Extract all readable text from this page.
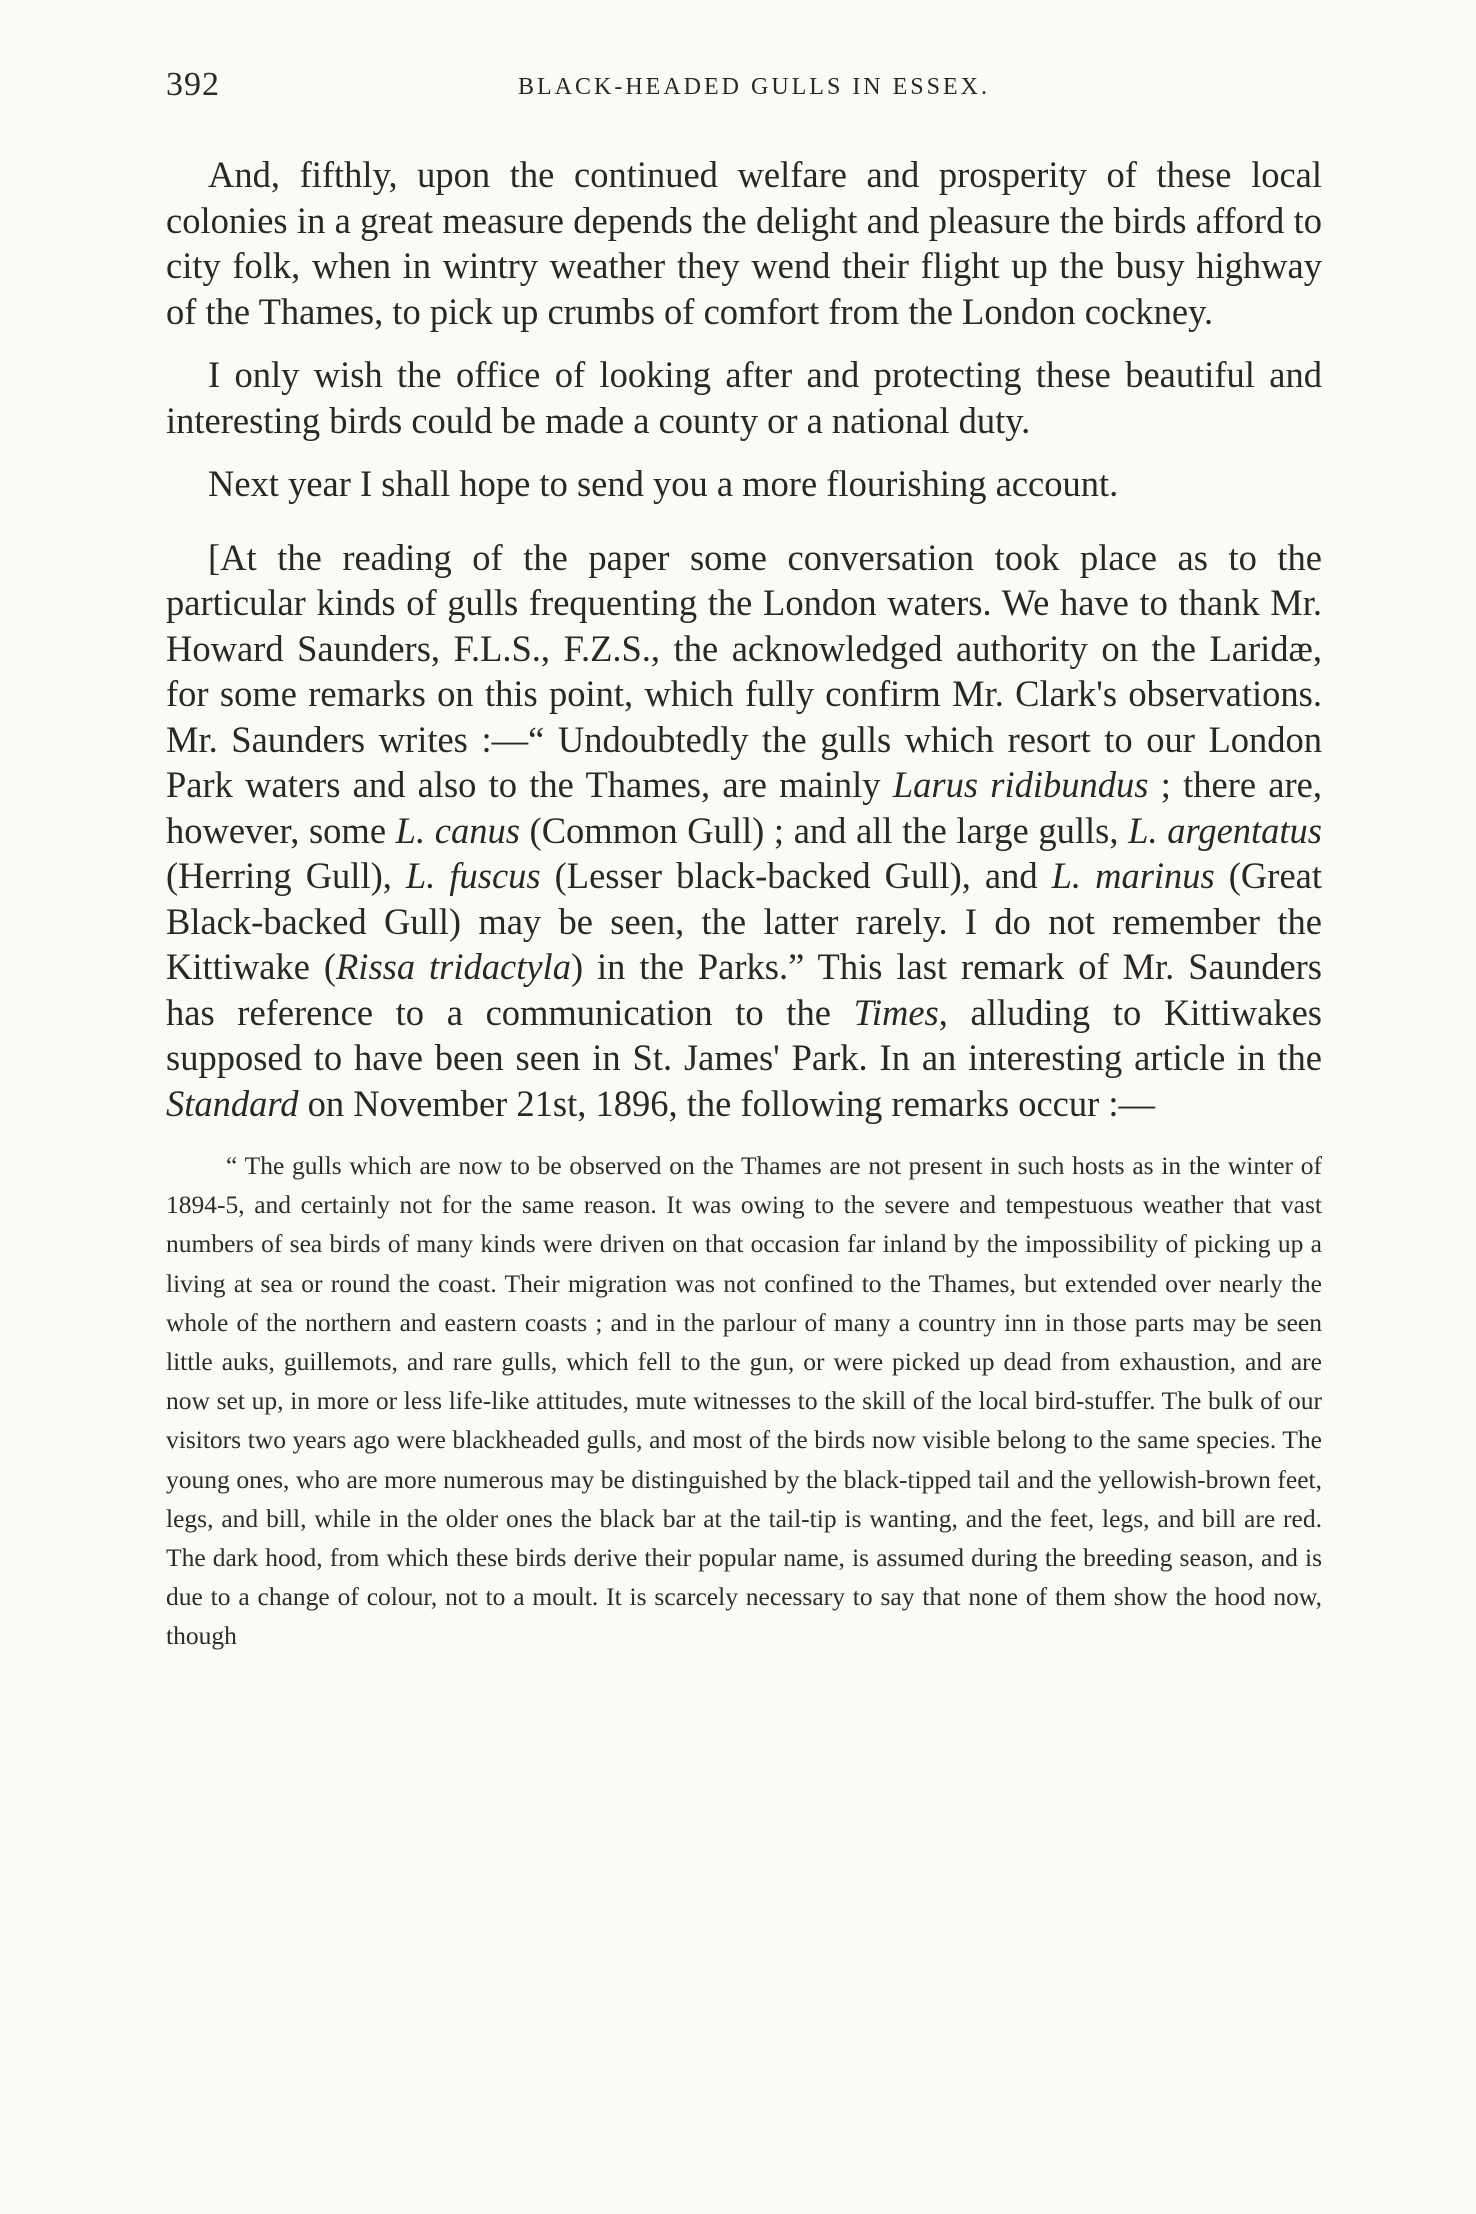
392	BLACK-HEADED GULLS IN ESSEX.

And, fifthly, upon the continued welfare and prosperity of these local colonies in a great measure depends the delight and pleasure the birds afford to city folk, when in wintry weather they wend their flight up the busy highway of the Thames, to pick up crumbs of comfort from the London cockney.

I only wish the office of looking after and protecting these beautiful and interesting birds could be made a county or a national duty.

Next year I shall hope to send you a more flourishing account.

[At the reading of the paper some conversation took place as to the particular kinds of gulls frequenting the London waters. We have to thank Mr. Howard Saunders, F.L.S., F.Z.S., the acknowledged authority on the Laridæ, for some remarks on this point, which fully confirm Mr. Clark's observations. Mr. Saunders writes :—“ Undoubtedly the gulls which resort to our London Park waters and also to the Thames, are mainly Larus ridibundus ; there are, however, some L. canus (Common Gull) ; and all the large gulls, L. argentatus (Herring Gull), L. fuscus (Lesser black-backed Gull), and L. marinus (Great Black-backed Gull) may be seen, the latter rarely. I do not remember the Kittiwake (Rissa tridactyla) in the Parks.” This last remark of Mr. Saunders has reference to a communication to the Times, alluding to Kittiwakes supposed to have been seen in St. James' Park. In an interesting article in the Standard on November 21st, 1896, the following remarks occur :—

“ The gulls which are now to be observed on the Thames are not present in such hosts as in the winter of 1894-5, and certainly not for the same reason. It was owing to the severe and tempestuous weather that vast numbers of sea birds of many kinds were driven on that occasion far inland by the impossibility of picking up a living at sea or round the coast. Their migration was not confined to the Thames, but extended over nearly the whole of the northern and eastern coasts ; and in the parlour of many a country inn in those parts may be seen little auks, guillemots, and rare gulls, which fell to the gun, or were picked up dead from exhaustion, and are now set up, in more or less life-like attitudes, mute witnesses to the skill of the local bird-stuffer. The bulk of our visitors two years ago were blackheaded gulls, and most of the birds now visible belong to the same species. The young ones, who are more numerous may be distinguished by the black-tipped tail and the yellowish-brown feet, legs, and bill, while in the older ones the black bar at the tail-tip is wanting, and the feet, legs, and bill are red. The dark hood, from which these birds derive their popular name, is assumed during the breeding season, and is due to a change of colour, not to a moult. It is scarcely necessary to say that none of them show the hood now, though
